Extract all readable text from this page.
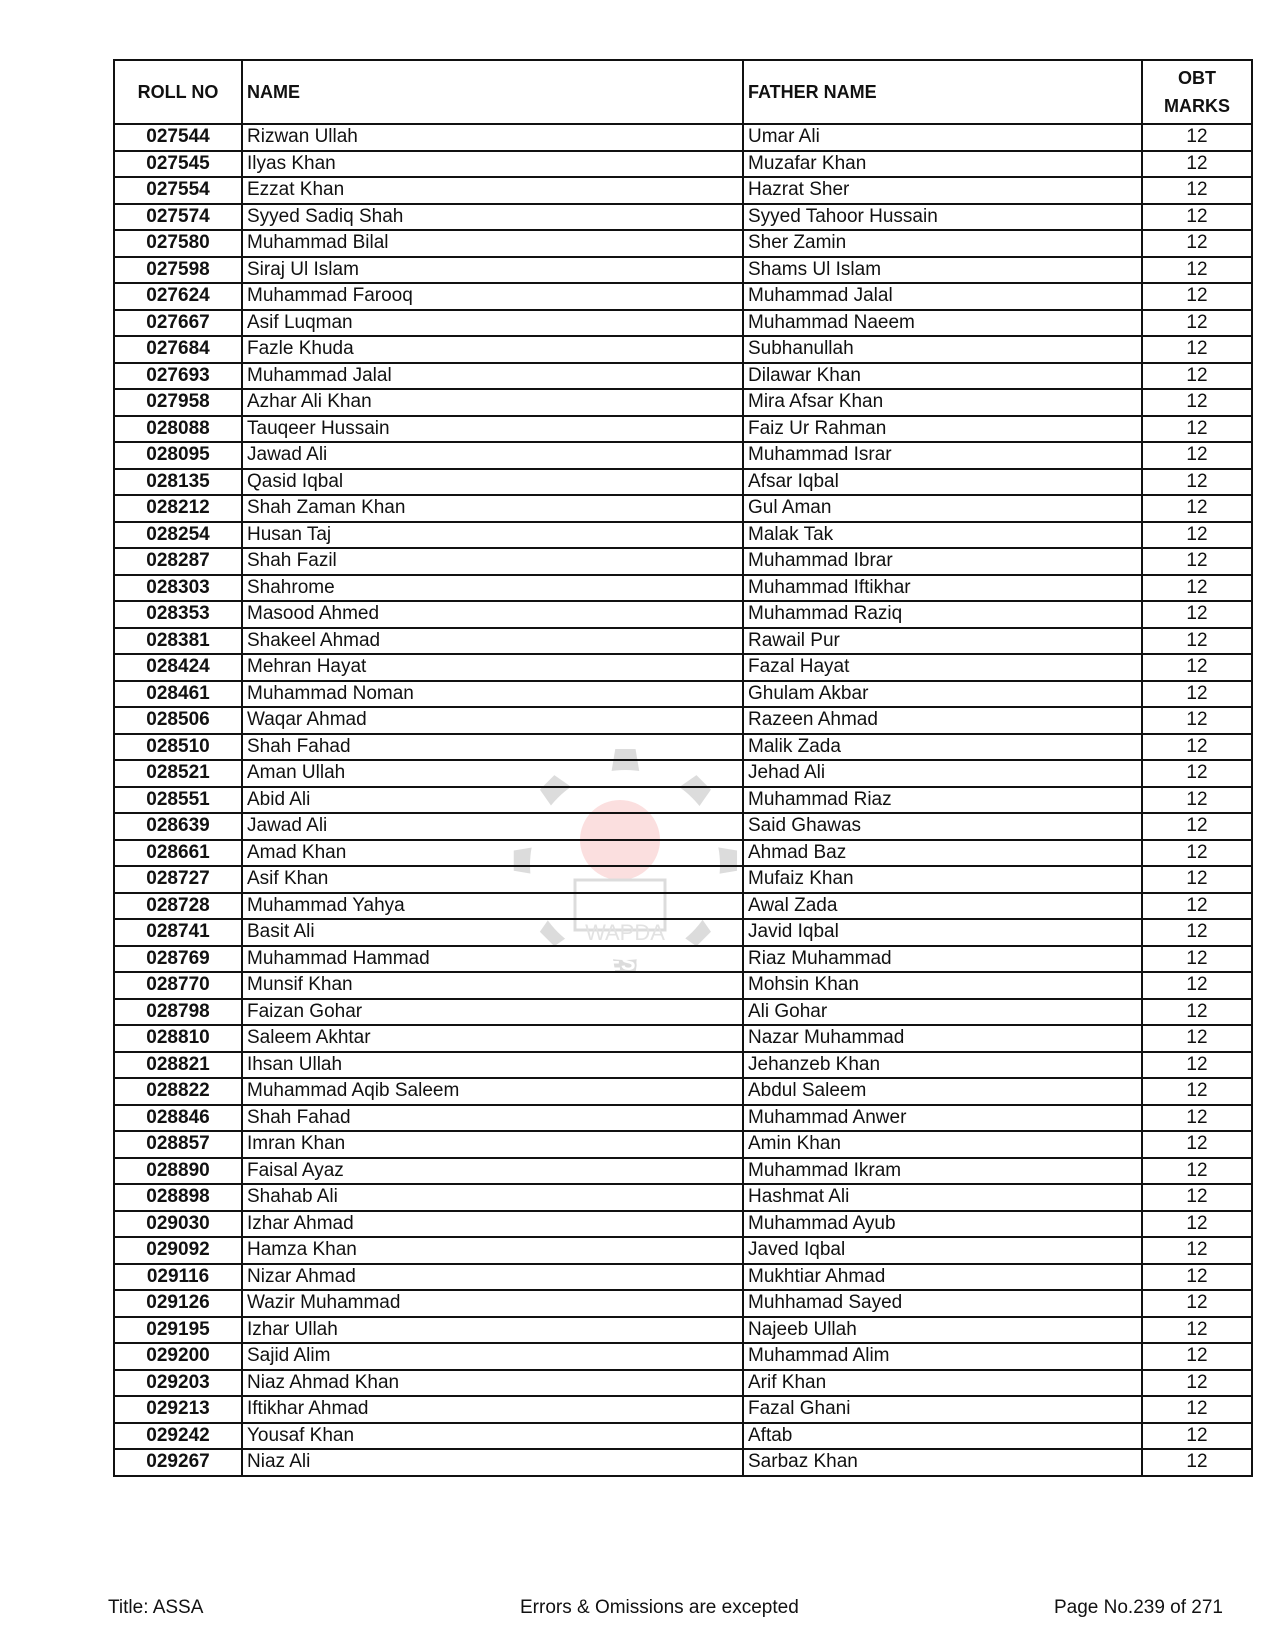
WAPDA
PESCO
ROLL NO	NAME	FATHER NAME	OBT
MARKS

027544	Rizwan Ullah	Umar Ali	12
027545	Ilyas Khan	Muzafar Khan	12
027554	Ezzat Khan	Hazrat Sher	12
027574	Syyed Sadiq Shah	Syyed Tahoor Hussain	12
027580	Muhammad Bilal	Sher Zamin	12
027598	Siraj Ul Islam	Shams Ul Islam	12
027624	Muhammad Farooq	Muhammad Jalal	12
027667	Asif Luqman	Muhammad Naeem	12
027684	Fazle Khuda	Subhanullah	12
027693	Muhammad Jalal	Dilawar Khan	12
027958	Azhar Ali Khan	Mira Afsar Khan	12
028088	Tauqeer Hussain	Faiz Ur Rahman	12
028095	Jawad Ali	Muhammad Israr	12
028135	Qasid Iqbal	Afsar Iqbal	12
028212	Shah Zaman Khan	Gul Aman	12
028254	Husan Taj	Malak Tak	12
028287	Shah Fazil	Muhammad Ibrar	12
028303	Shahrome	Muhammad Iftikhar	12
028353	Masood Ahmed	Muhammad Raziq	12
028381	Shakeel Ahmad	Rawail Pur	12
028424	Mehran Hayat	Fazal Hayat	12
028461	Muhammad Noman	Ghulam Akbar	12
028506	Waqar Ahmad	Razeen Ahmad	12
028510	Shah Fahad	Malik Zada	12
028521	Aman Ullah	Jehad Ali	12
028551	Abid Ali	Muhammad Riaz	12
028639	Jawad Ali	Said Ghawas	12
028661	Amad Khan	Ahmad Baz	12
028727	Asif Khan	Mufaiz Khan	12
028728	Muhammad Yahya	Awal Zada	12
028741	Basit Ali	Javid Iqbal	12
028769	Muhammad Hammad	Riaz Muhammad	12
028770	Munsif Khan	Mohsin Khan	12
028798	Faizan Gohar	Ali Gohar	12
028810	Saleem Akhtar	Nazar Muhammad	12
028821	Ihsan Ullah	Jehanzeb Khan	12
028822	Muhammad Aqib Saleem	Abdul Saleem	12
028846	Shah Fahad	Muhammad Anwer	12
028857	Imran Khan	Amin Khan	12
028890	Faisal Ayaz	Muhammad Ikram	12
028898	Shahab Ali	Hashmat Ali	12
029030	Izhar Ahmad	Muhammad Ayub	12
029092	Hamza Khan	Javed Iqbal	12
029116	Nizar Ahmad	Mukhtiar Ahmad	12
029126	Wazir Muhammad	Muhhamad Sayed	12
029195	Izhar Ullah	Najeeb Ullah	12
029200	Sajid Alim	Muhammad Alim	12
029203	Niaz Ahmad Khan	Arif Khan	12
029213	Iftikhar Ahmad	Fazal Ghani	12
029242	Yousaf Khan	Aftab	12
029267	Niaz Ali	Sarbaz Khan	12
Title: ASSA	Errors & Omissions are excepted	Page No.239 of 271
